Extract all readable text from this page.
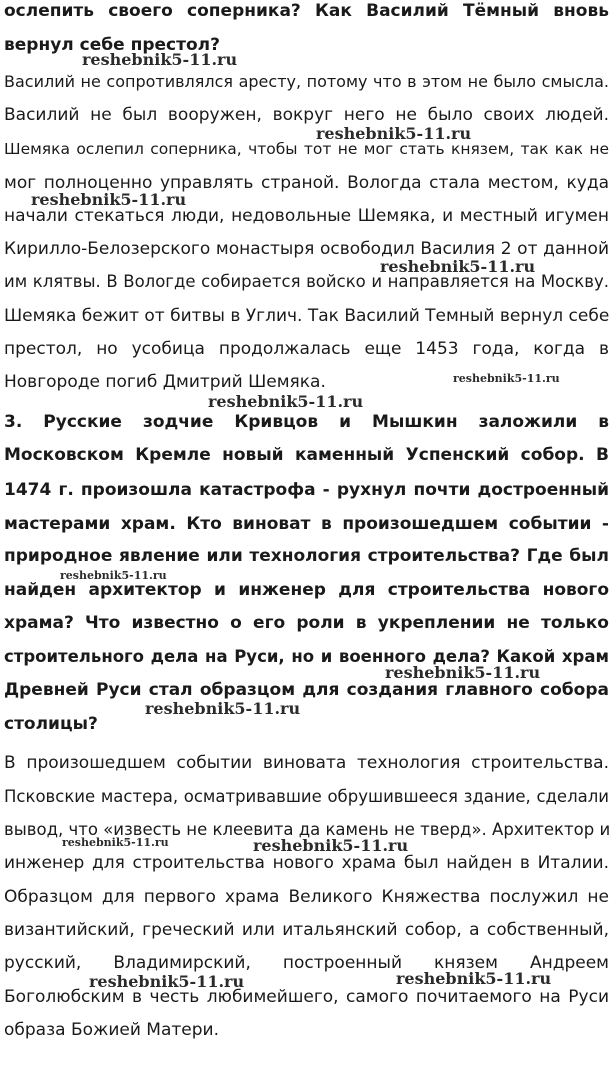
ослепить своего соперника? Как Василий Тёмный вновь
вернул себе престол?
Василий не сопротивлялся аресту, потому что в этом не было смысла.
Василий не был вооружен, вокруг него не было своих людей.
Шемяка ослепил соперника, чтобы тот не мог стать князем, так как не
мог полноценно управлять страной. Вологда стала местом, куда
начали стекаться люди, недовольные Шемяка, и местный игумен
Кирилло-Белозерского монастыря освободил Василия 2 от данной
им клятвы. В Вологде собирается войско и направляется на Москву.
Шемяка бежит от битвы в Углич. Так Василий Темный вернул себе
престол, но усобица продолжалась еще 1453 года, когда в
Новгороде погиб Дмитрий Шемяка.
3. Русские зодчие Кривцов и Мышкин заложили в
Московском Кремле новый каменный Успенский собор. В
1474 г. произошла катастрофа - рухнул почти достроенный
мастерами храм. Кто виноват в произошедшем событии -
природное явление или технология строительства? Где был
найден архитектор и инженер для строительства нового
храма? Что известно о его роли в укреплении не только
строительного дела на Руси, но и военного дела? Какой храм
Древней Руси стал образцом для создания главного собора
столицы?
В произошедшем событии виновата технология строительства.
Псковские мастера, осматривавшие обрушившееся здание, сделали
вывод, что «известь не клеевита да камень не тверд». Архитектор и
инженер для строительства нового храма был найден в Италии.
Образцом для первого храма Великого Княжества послужил не
византийский, греческий или итальянский собор, а собственный,
русский, Владимирский, построенный князем Андреем
Боголюбским в честь любимейшего, самого почитаемого на Руси
образа Божией Матери.
reshebnik5-11.ru
reshebnik5-11.ru
reshebnik5-11.ru
reshebnik5-11.ru
reshebnik5-11.ru
reshebnik5-11.ru
reshebnik5-11.ru
reshebnik5-11.ru
reshebnik5-11.ru
reshebnik5-11.ru	reshebnik5-11.ru
reshebnik5-11.ru	reshebnik5-11.ru
